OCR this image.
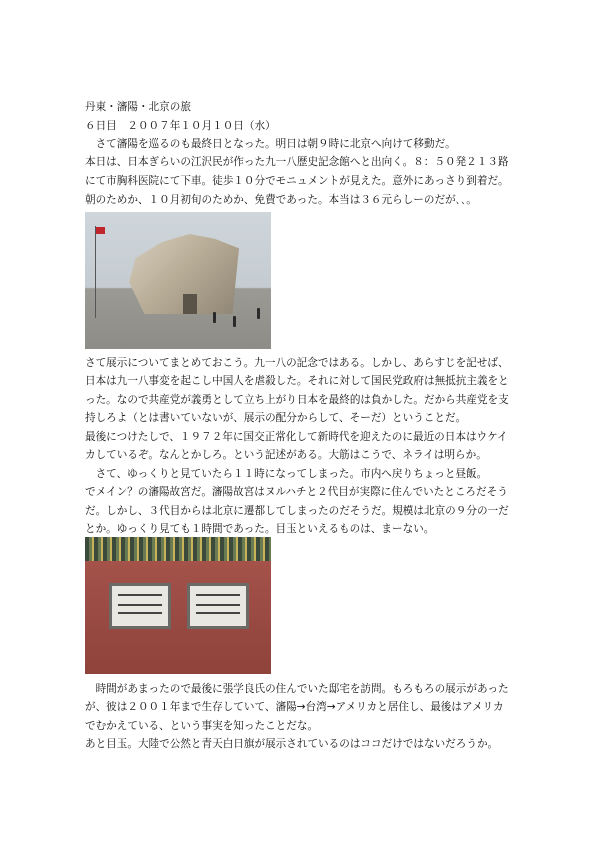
丹東・瀋陽・北京の旅
６日目　２００７年１０月１０日（水）
　さて瀋陽を巡るのも最終日となった。明日は朝９時に北京へ向けて移動だ。
本日は、日本ぎらいの江沢民が作った九一八歴史記念館へと出向く。８：５０発２１３路
にて市胸科医院にて下車。徒歩１０分でモニュメントが見えた。意外にあっさり到着だ。
朝のためか、１０月初旬のためか、免費であった。本当は３６元らしーのだが､､。
さて展示についてまとめておこう。九一八の記念ではある。しかし、あらすじを記せば、
日本は九一八事変を起こし中国人を虐殺した。それに対して国民党政府は無抵抗主義をと
った。なので共産党が義勇として立ち上がり日本を最終的は負かした。だから共産党を支
持しろよ（とは書いていないが、展示の配分からして、そーだ）ということだ。
最後につけたしで、１９７２年に国交正常化して新時代を迎えたのに最近の日本はウケイ
カしているぞ。なんとかしろ。という記述がある。大筋はこうで、ネライは明らか。
　さて、ゆっくりと見ていたら１１時になってしまった。市内へ戻りちょっと昼飯。
でメイン？の瀋陽故宮だ。瀋陽故宮はヌルハチと２代目が実際に住んでいたところだそう
だ。しかし、３代目からは北京に遷都してしまったのだそうだ。規模は北京の９分の一だ
とか。ゆっくり見ても１時間であった。目玉といえるものは、まーない。
　時間があまったので最後に張学良氏の住んでいた邸宅を訪問。もろもろの展示があった
が、彼は２００１年まで生存していて、瀋陽→台湾→アメリカと居住し、最後はアメリカ
でむかえている、という事実を知ったことだな。
あと目玉。大陸で公然と青天白日旗が展示されているのはココだけではないだろうか。
